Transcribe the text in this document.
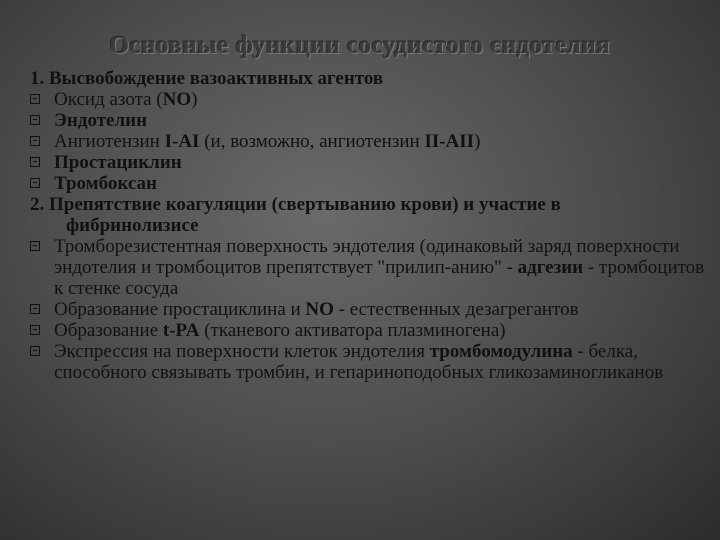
Основные функции сосудистого єндотелия
1. Высвобождение вазоактивных агентов
Оксид азота (NO)
Эндотелин
Ангиотензин I-AI (и, возможно, ангиотензин II-AII)
Простациклин
Тромбоксан
2. Препятствие коагуляции (свертыванию крови) и участие в
фибринолизисе
Тромборезистентная поверхность эндотелия (одинаковый заряд поверхности эндотелия и тромбоцитов препятствует "прилип-анию" - адгезии - тромбоцитов к стенке сосуда
Образование простациклина и NO - естественных дезагрегантов
Образование t-PA (тканевого активатора плазминогена)
Экспрессия на поверхности клеток эндотелия тромбомодулина - белка, способного связывать тромбин, и гепариноподобных гликозаминогликанов
